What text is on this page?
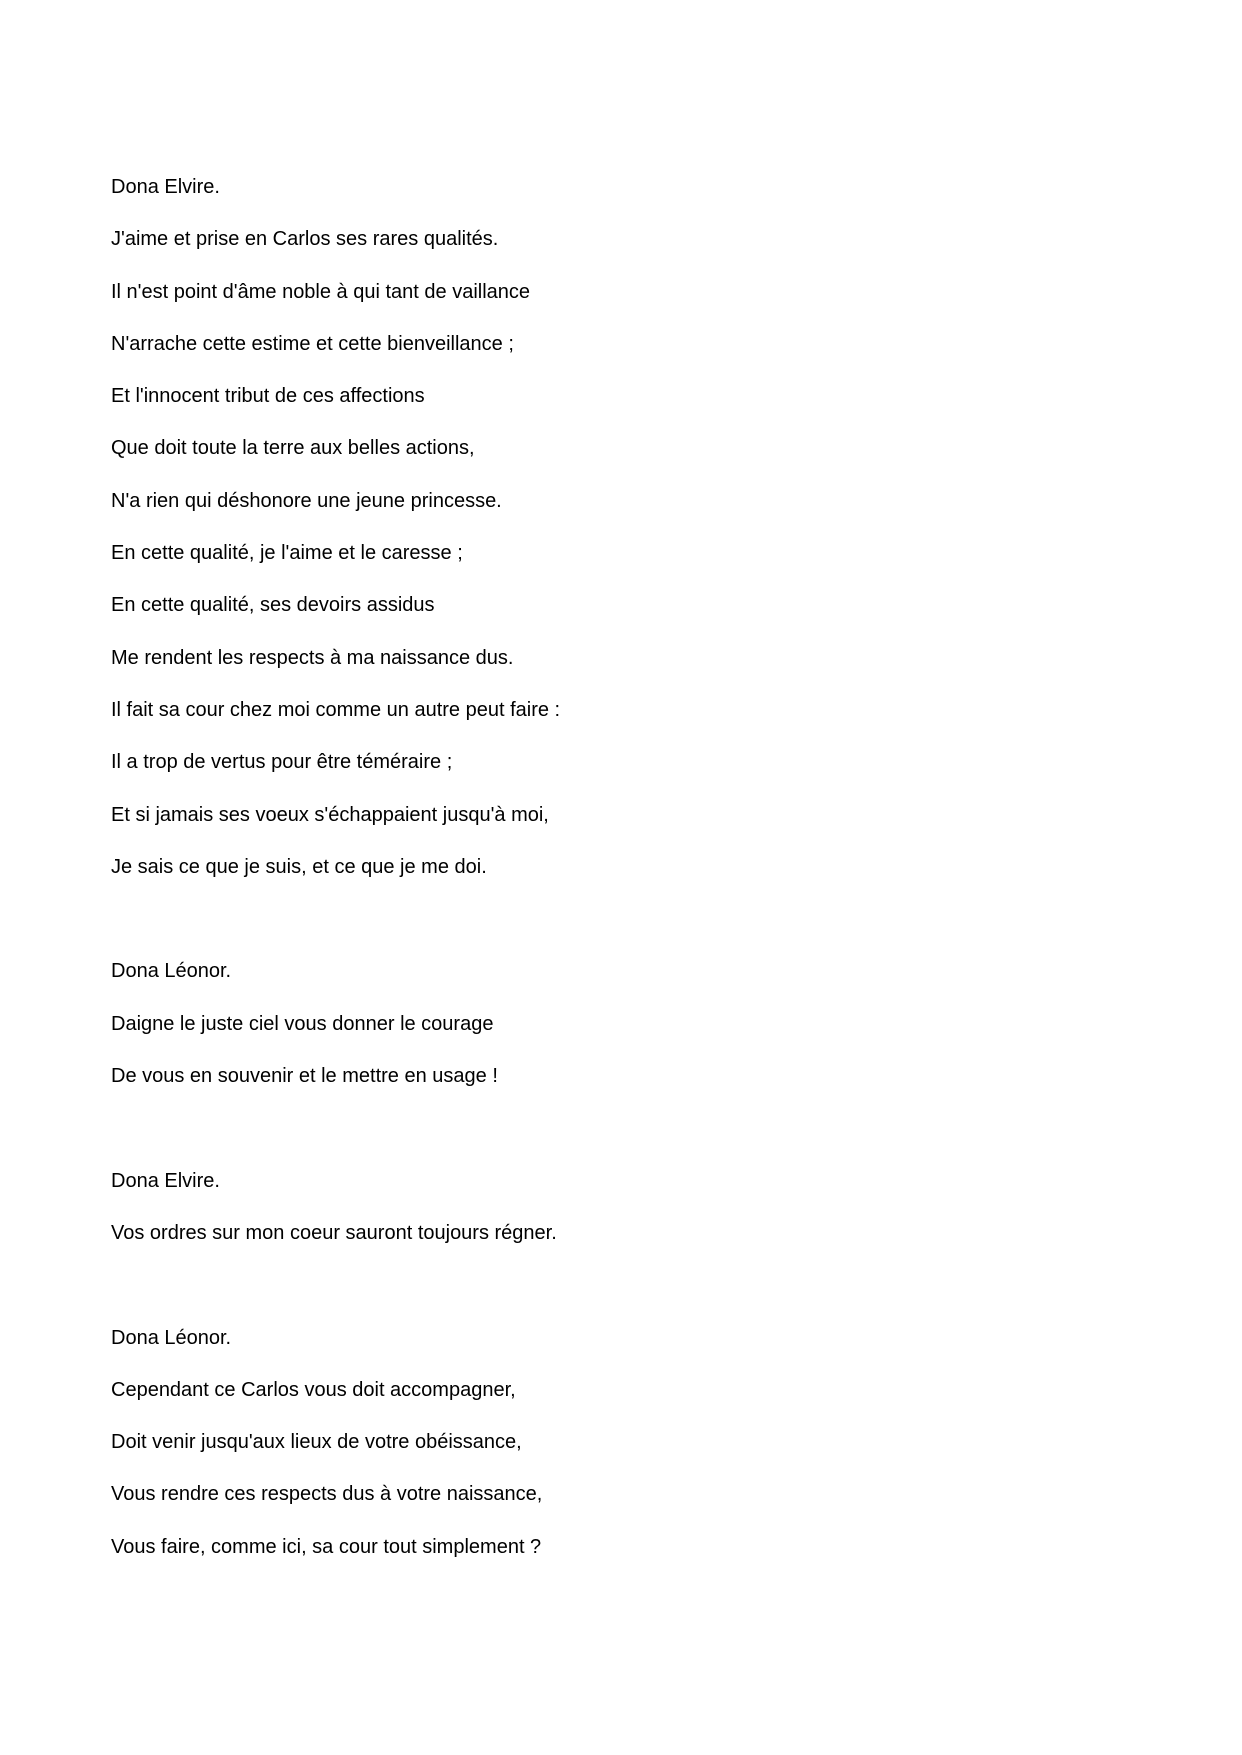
Dona Elvire.
J'aime et prise en Carlos ses rares qualités.
Il n'est point d'âme noble à qui tant de vaillance
N'arrache cette estime et cette bienveillance ;
Et l'innocent tribut de ces affections
Que doit toute la terre aux belles actions,
N'a rien qui déshonore une jeune princesse.
En cette qualité, je l'aime et le caresse ;
En cette qualité, ses devoirs assidus
Me rendent les respects à ma naissance dus.
Il fait sa cour chez moi comme un autre peut faire :
Il a trop de vertus pour être téméraire ;
Et si jamais ses voeux s'échappaient jusqu'à moi,
Je sais ce que je suis, et ce que je me doi.
Dona Léonor.
Daigne le juste ciel vous donner le courage
De vous en souvenir et le mettre en usage !
Dona Elvire.
Vos ordres sur mon coeur sauront toujours régner.
Dona Léonor.
Cependant ce Carlos vous doit accompagner,
Doit venir jusqu'aux lieux de votre obéissance,
Vous rendre ces respects dus à votre naissance,
Vous faire, comme ici, sa cour tout simplement ?
